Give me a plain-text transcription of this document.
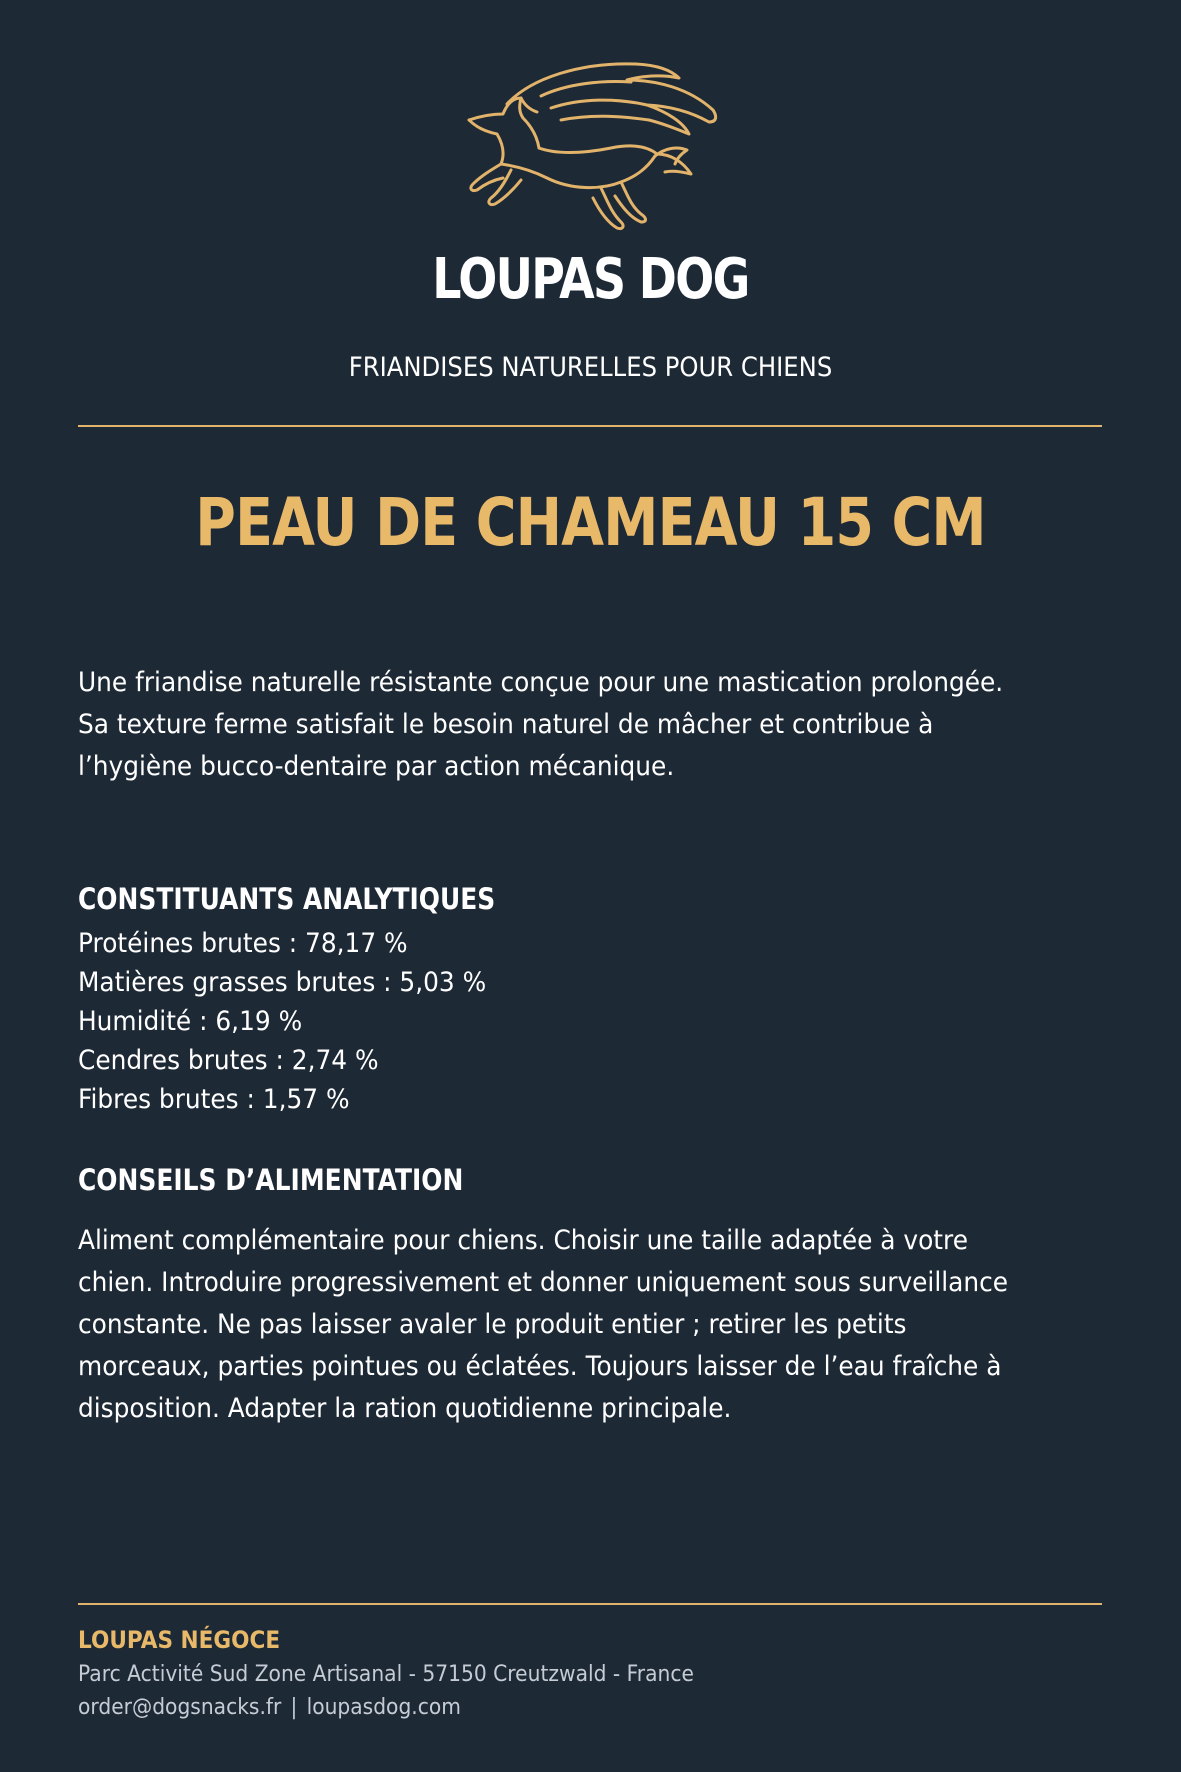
LOUPAS DOG
FRIANDISES NATURELLES POUR CHIENS
PEAU DE CHAMEAU 15 CM
Une friandise naturelle résistante conçue pour une mastication prolongée. Sa texture ferme satisfait le besoin naturel de mâcher et contribue à l’hygiène bucco-dentaire par action mécanique.
CONSTITUANTS ANALYTIQUES
Protéines brutes : 78,17 %
Matières grasses brutes : 5,03 %
Humidité : 6,19 %
Cendres brutes : 2,74 %
Fibres brutes : 1,57 %
CONSEILS D’ALIMENTATION
Aliment complémentaire pour chiens. Choisir une taille adaptée à votre chien. Introduire progressivement et donner uniquement sous surveillance constante. Ne pas laisser avaler le produit entier ; retirer les petits morceaux, parties pointues ou éclatées. Toujours laisser de l’eau fraîche à disposition. Adapter la ration quotidienne principale.
LOUPAS NÉGOCE
Parc Activité Sud Zone Artisanal - 57150 Creutzwald - France
order@dogsnacks.fr | loupasdog.com
